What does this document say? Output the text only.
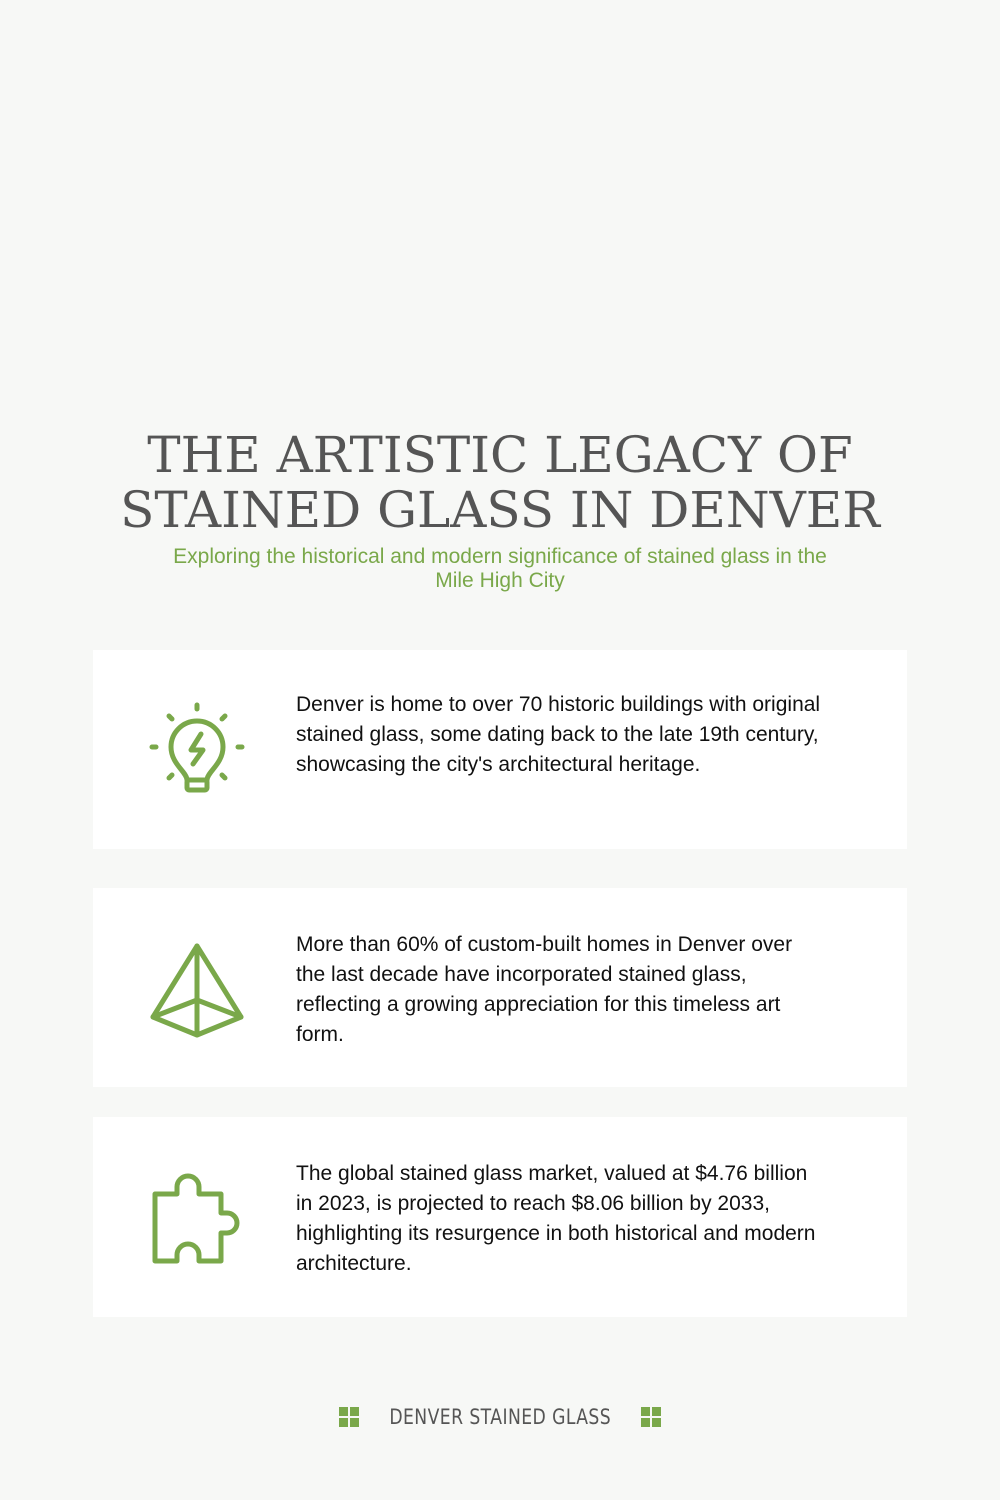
THE ARTISTIC LEGACY OF
STAINED GLASS IN DENVER

Exploring the historical and modern significance of stained glass in the Mile High City

Denver is home to over 70 historic buildings with original stained glass, some dating back to the late 19th century, showcasing the city's architectural heritage.

More than 60% of custom-built homes in Denver over the last decade have incorporated stained glass, reflecting a growing appreciation for this timeless art form.

The global stained glass market, valued at $4.76 billion in 2023, is projected to reach $8.06 billion by 2033, highlighting its resurgence in both historical and modern architecture.

DENVER STAINED GLASS
